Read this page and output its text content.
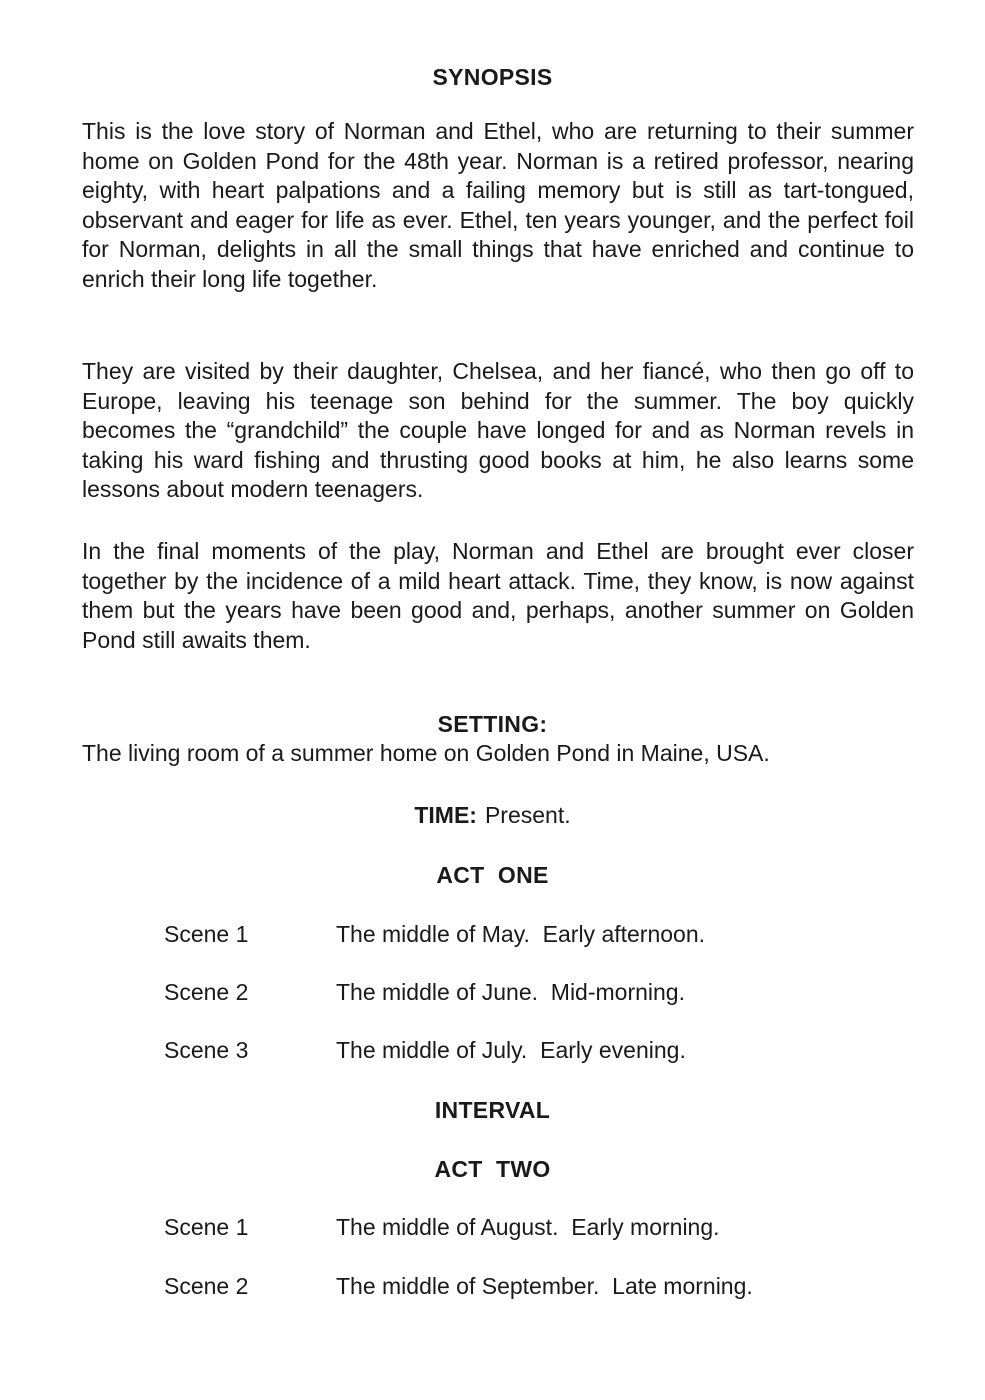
SYNOPSIS
This is the love story of Norman and Ethel, who are returning to their summer home on Golden Pond for the 48th year. Norman is a retired professor, nearing eighty, with heart palpations and a failing memory but is still as tart-tongued, observant and eager for life as ever. Ethel, ten years younger, and the perfect foil for Norman, delights in all the small things that have enriched and continue to enrich their long life together.
They are visited by their daughter, Chelsea, and her fiancé, who then go off to Europe, leaving his teenage son behind for the summer. The boy quickly becomes the “grandchild” the couple have longed for and as Norman revels in taking his ward fishing and thrusting good books at him, he also learns some lessons about modern teenagers.
In the final moments of the play, Norman and Ethel are brought ever closer together by the incidence of a mild heart attack. Time, they know, is now against them but the years have been good and, perhaps, another summer on Golden Pond still awaits them.
SETTING:
The living room of a summer home on Golden Pond in Maine, USA.
TIME: Present.
ACT  ONE
Scene 1	The middle of May.  Early afternoon.
Scene 2	The middle of June.  Mid-morning.
Scene 3	The middle of July.  Early evening.
INTERVAL
ACT  TWO
Scene 1	The middle of August.  Early morning.
Scene 2	The middle of September.  Late morning.
